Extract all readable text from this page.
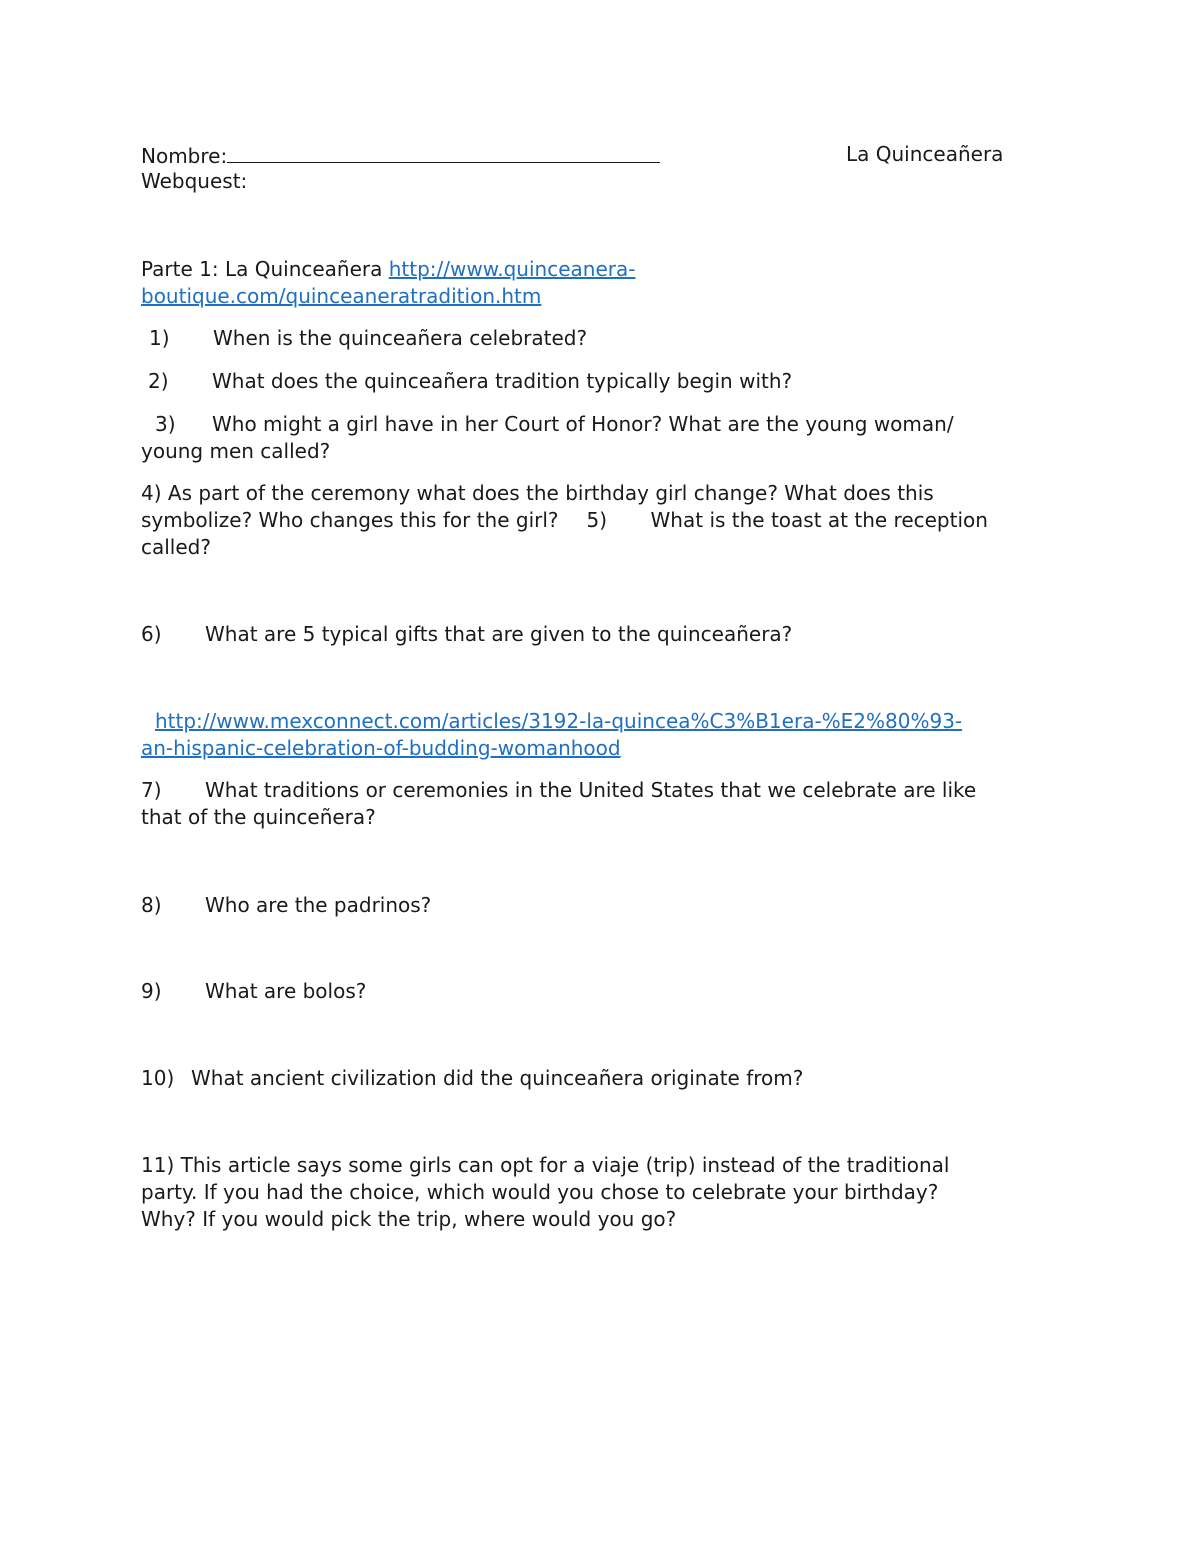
Nombre:	La Quinceañera
Webquest:
Parte 1: La Quinceañera http://www.quinceanera-
boutique.com/quinceaneratradition.htm
1) When is the quinceañera celebrated?
2) What does the quinceañera tradition typically begin with?
3) Who might a girl have in her Court of Honor? What are the young woman/
young men called?
4) As part of the ceremony what does the birthday girl change? What does this
symbolize? Who changes this for the girl? 5) What is the toast at the reception
called?
6) What are 5 typical gifts that are given to the quinceañera?
http://www.mexconnect.com/articles/3192-la-quincea%C3%B1era-%E2%80%93-
an-hispanic-celebration-of-budding-womanhood
7) What traditions or ceremonies in the United States that we celebrate are like
that of the quinceñera?
8) Who are the padrinos?
9) What are bolos?
10) What ancient civilization did the quinceañera originate from?
11) This article says some girls can opt for a viaje (trip) instead of the traditional
party. If you had the choice, which would you chose to celebrate your birthday?
Why? If you would pick the trip, where would you go?
